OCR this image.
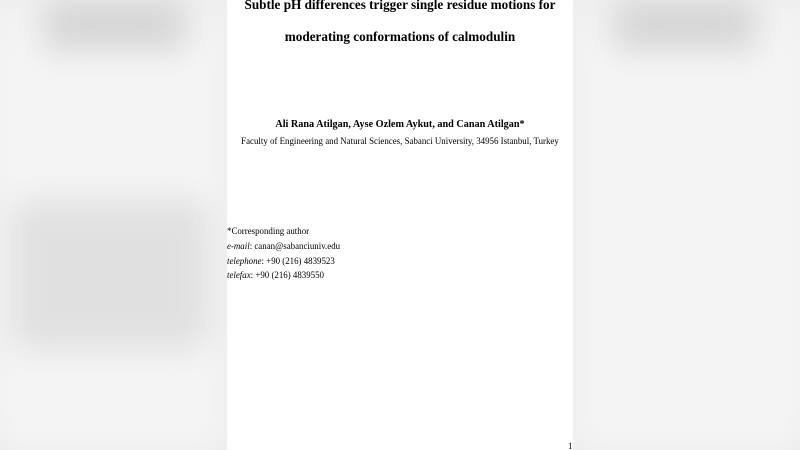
Subtle pH differences trigger single residue motions for
moderating conformations of calmodulin
Ali Rana Atilgan, Ayse Ozlem Aykut, and Canan Atilgan*
Faculty of Engineering and Natural Sciences, Sabanci University, 34956 Istanbul, Turkey
*Corresponding author
e-mail: canan@sabanciuniv.edu
telephone: +90 (216) 4839523
telefax: +90 (216) 4839550
1
